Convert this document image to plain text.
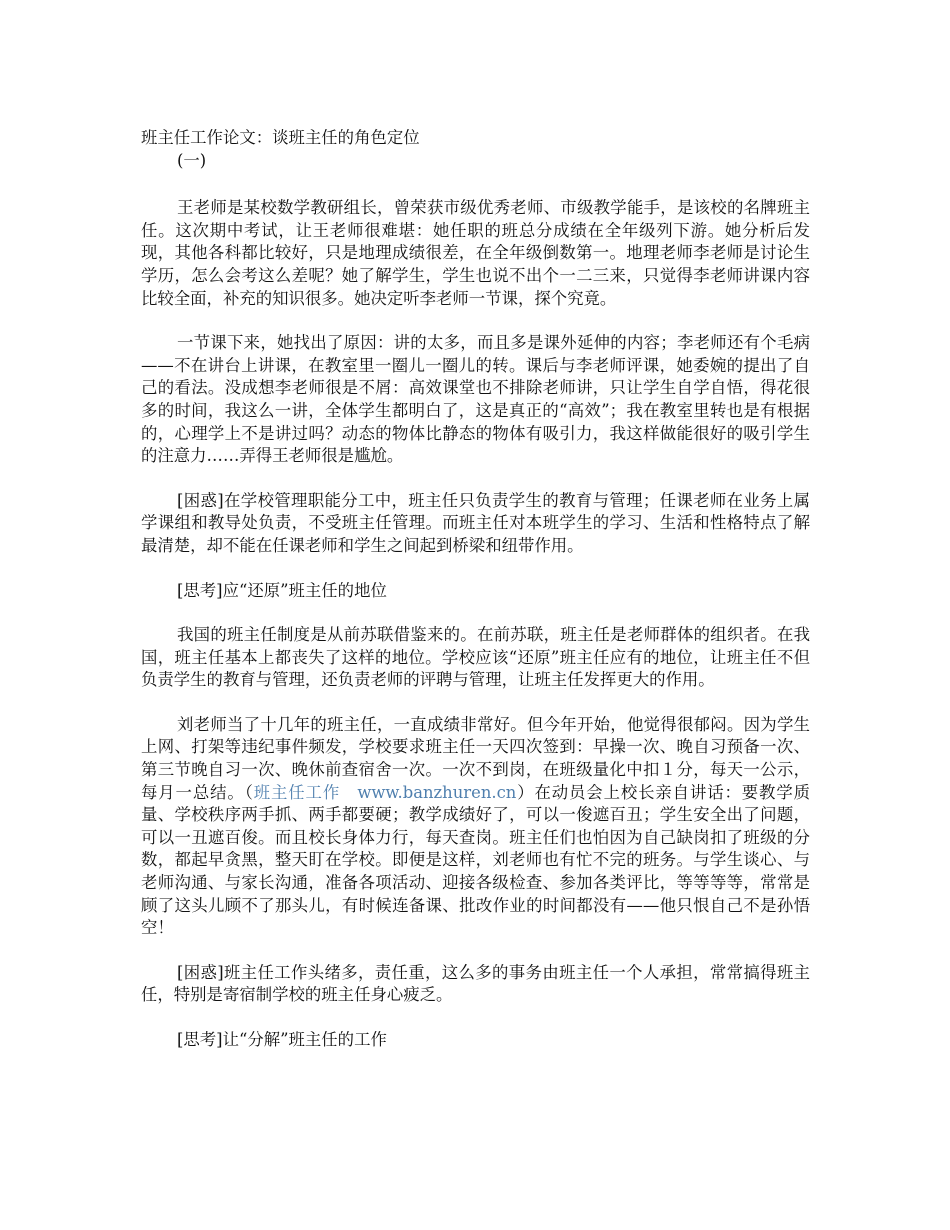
班主任工作论文：谈班主任的角色定位

(一)

王老师是某校数学教研组长，曾荣获市级优秀老师、市级教学能手，是该校的名牌班主任。这次期中考试，让王老师很难堪：她任职的班总分成绩在全年级列下游。她分析后发现，其他各科都比较好，只是地理成绩很差，在全年级倒数第一。地理老师李老师是讨论生学历，怎么会考这么差呢？她了解学生，学生也说不出个一二三来，只觉得李老师讲课内容比较全面，补充的知识很多。她决定听李老师一节课，探个究竟。

一节课下来，她找出了原因：讲的太多，而且多是课外延伸的内容；李老师还有个毛病——不在讲台上讲课，在教室里一圈儿一圈儿的转。课后与李老师评课，她委婉的提出了自己的看法。没成想李老师很是不屑：高效课堂也不排除老师讲，只让学生自学自悟，得花很多的时间，我这么一讲，全体学生都明白了，这是真正的“高效”；我在教室里转也是有根据的，心理学上不是讲过吗？动态的物体比静态的物体有吸引力，我这样做能很好的吸引学生的注意力……弄得王老师很是尴尬。

[困惑]在学校管理职能分工中，班主任只负责学生的教育与管理；任课老师在业务上属学课组和教导处负责，不受班主任管理。而班主任对本班学生的学习、生活和性格特点了解最清楚，却不能在任课老师和学生之间起到桥梁和纽带作用。

[思考]应“还原”班主任的地位

我国的班主任制度是从前苏联借鉴来的。在前苏联，班主任是老师群体的组织者。在我国，班主任基本上都丧失了这样的地位。学校应该“还原”班主任应有的地位，让班主任不但负责学生的教育与管理，还负责老师的评聘与管理，让班主任发挥更大的作用。

刘老师当了十几年的班主任，一直成绩非常好。但今年开始，他觉得很郁闷。因为学生上网、打架等违纪事件频发，学校要求班主任一天四次签到：早操一次、晚自习预备一次、第三节晚自习一次、晚休前查宿舍一次。一次不到岗，在班级量化中扣１分，每天一公示，每月一总结。（班主任工作　www.banzhuren.cn）在动员会上校长亲自讲话：要教学质量、学校秩序两手抓、两手都要硬；教学成绩好了，可以一俊遮百丑；学生安全出了问题，可以一丑遮百俊。而且校长身体力行，每天查岗。班主任们也怕因为自己缺岗扣了班级的分数，都起早贪黑，整天盯在学校。即便是这样，刘老师也有忙不完的班务。与学生谈心、与老师沟通、与家长沟通，准备各项活动、迎接各级检查、参加各类评比，等等等等，常常是顾了这头儿顾不了那头儿，有时候连备课、批改作业的时间都没有——他只恨自己不是孙悟空！

[困惑]班主任工作头绪多，责任重，这么多的事务由班主任一个人承担，常常搞得班主任，特别是寄宿制学校的班主任身心疲乏。

[思考]让“分解”班主任的工作
